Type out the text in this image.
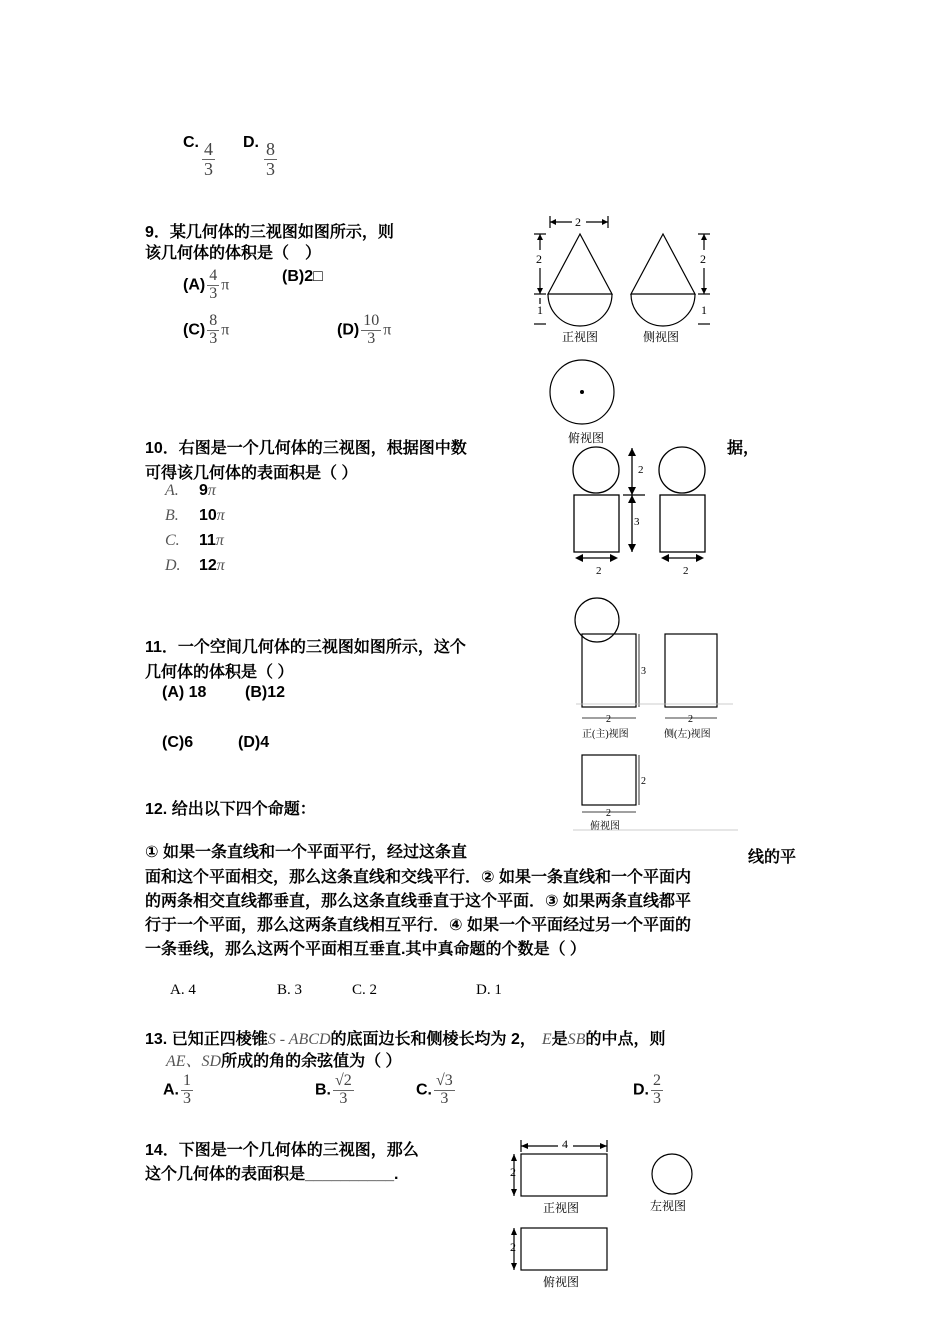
C. $\frac{4}{3} D$. $\frac{8}{3}$
9．某几何体的三视图如图所示，则
该几何体的体积是（　）
$(A) \frac{4}{3}$ π
(B)2□
$(C) \frac{8}{3}$ π	$(D) \frac{10}{3}$ π
2
2
1
2
1
正视图	侧视图
俯视图
10．右图是一个几何体的三视图，根据图中数	据，
可得该几何体的表面积是（ ）
A. 9π
B. 10π
C. 11π
D. 12π
2
3
2	2
11．一个空间几何体的三视图如图所示，这个
几何体的体积是（ ）
(A) 18 (B)12
(C)6	(D)4
3
2	2
正(主)视图	侧(左)视图
2
2
俯视图
12. 给出以下四个命题：
① 如果一条直线和一个平面平行，经过这条直	线的平
面和这个平面相交，那么这条直线和交线平行．② 如果一条直线和一个平面内
的两条相交直线都垂直，那么这条直线垂直于这个平面．③ 如果两条直线都平
行于一个平面，那么这两条直线相互平行．④ 如果一个平面经过另一个平面的
一条垂线，那么这两个平面相互垂直.其中真命题的个数是（ ）
A. 4	B. 3	C. 2	D. 1
13. 已知正四棱锥S - ABCD的底面边长和侧棱长均为 2， E是SB的中点，则
AE、SD所成的角的余弦值为（ ）
A. $\frac{1}{3}$	B. $\frac{√2}{3}$	C. $\frac{√3}{3}$	D. $\frac{2}{3}$
14．下图是一个几何体的三视图，那么
这个几何体的表面积是__________.
4
2
2
正视图	左视图
俯视图
